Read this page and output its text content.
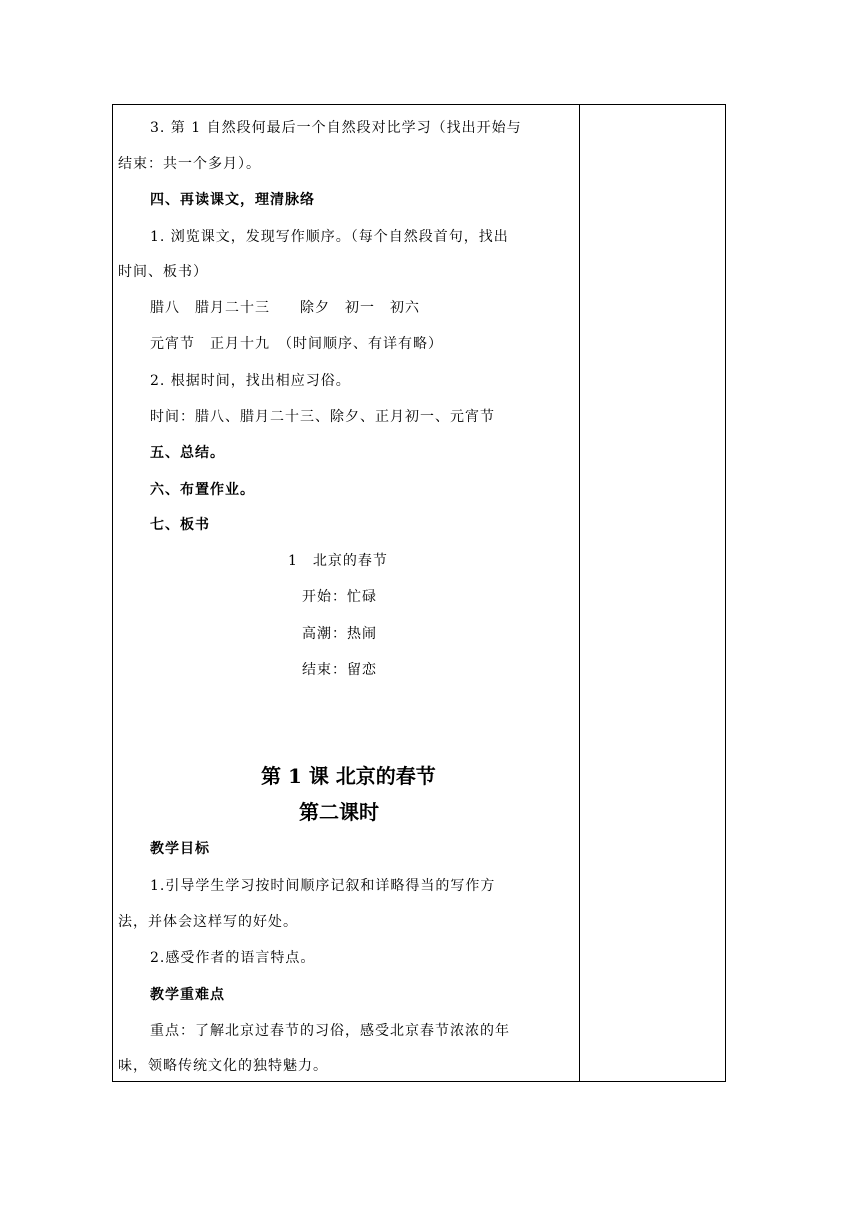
3. 第 1 自然段何最后一个自然段对比学习（找出开始与
结束：共一个多月）。
四、再读课文，理清脉络
1. 浏览课文，发现写作顺序。（每个自然段首句，找出
时间、板书）
腊八　腊月二十三　　除夕　初一　初六
元宵节　正月十九　（时间顺序、有详有略）
2. 根据时间，找出相应习俗。
时间：腊八、腊月二十三、除夕、正月初一、元宵节
五、总结。
六、布置作业。
七、板书
1　北京的春节
开始：忙碌
高潮：热闹
结束：留恋
第 1 课 北京的春节
第二课时
教学目标
1.引导学生学习按时间顺序记叙和详略得当的写作方
法，并体会这样写的好处。
2.感受作者的语言特点。
教学重难点
重点：了解北京过春节的习俗，感受北京春节浓浓的年
味，领略传统文化的独特魅力。
